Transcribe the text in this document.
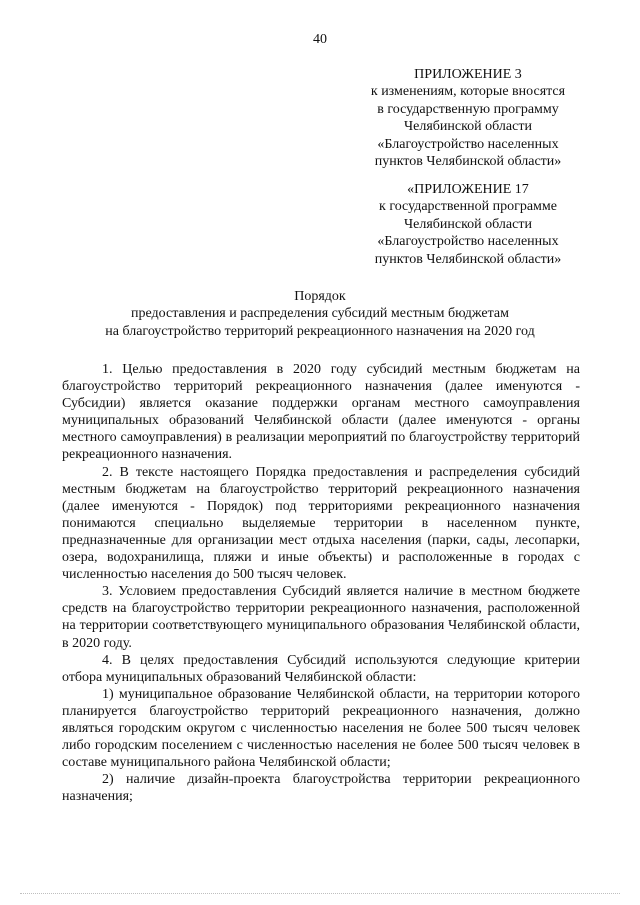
40
ПРИЛОЖЕНИЕ 3
к изменениям, которые вносятся
в государственную программу
Челябинской области
«Благоустройство населенных
пунктов Челябинской области»
«ПРИЛОЖЕНИЕ 17
к государственной программе
Челябинской области
«Благоустройство населенных
пунктов Челябинской области»
Порядок
предоставления и распределения субсидий местным бюджетам
на благоустройство территорий рекреационного назначения на 2020 год

1. Целью предоставления в 2020 году субсидий местным бюджетам на благоустройство территорий рекреационного назначения (далее именуются - Субсидии) является оказание поддержки органам местного самоуправления муниципальных образований Челябинской области (далее именуются - органы местного самоуправления) в реализации мероприятий по благоустройству территорий рекреационного назначения.

2. В тексте настоящего Порядка предоставления и распределения субсидий местным бюджетам на благоустройство территорий рекреационного назначения (далее именуются - Порядок) под территориями рекреационного назначения понимаются специально выделяемые территории в населенном пункте, предназначенные для организации мест отдыха населения (парки, сады, лесопарки, озера, водохранилища, пляжи и иные объекты) и расположенные в городах с численностью населения до 500 тысяч человек.

3. Условием предоставления Субсидий является наличие в местном бюджете средств на благоустройство территории рекреационного назначения, расположенной на территории соответствующего муниципального образования Челябинской области, в 2020 году.

4. В целях предоставления Субсидий используются следующие критерии отбора муниципальных образований Челябинской области:

1) муниципальное образование Челябинской области, на территории которого планируется благоустройство территорий рекреационного назначения, должно являться городским округом с численностью населения не более 500 тысяч человек либо городским поселением с численностью населения не более 500 тысяч человек в составе муниципального района Челябинской области;

2) наличие дизайн-проекта благоустройства территории рекреационного назначения;
